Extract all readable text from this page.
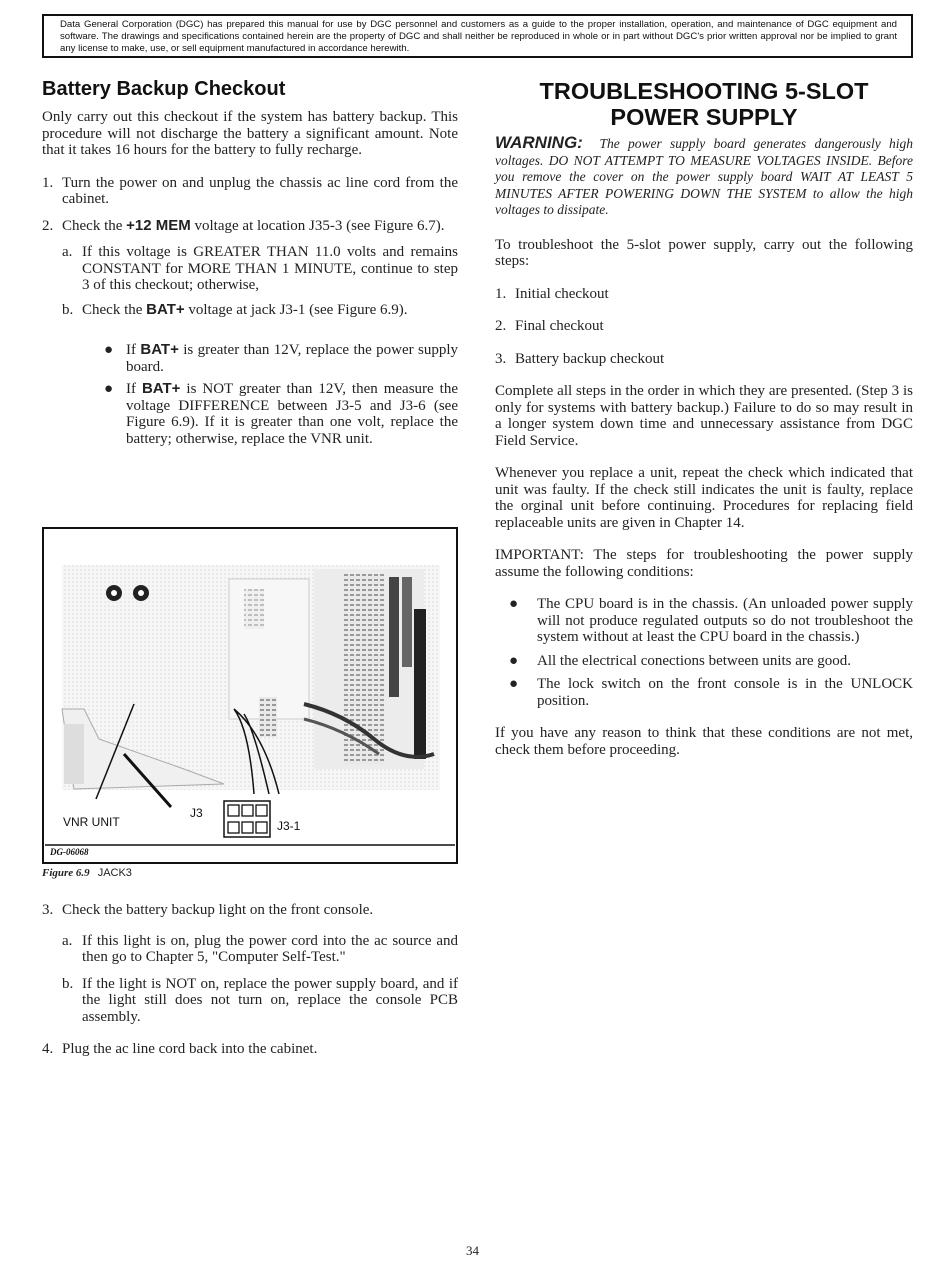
Data General Corporation (DGC) has prepared this manual for use by DGC personnel and customers as a guide to the proper installation, operation, and maintenance of DGC equipment and software. The drawings and specifications contained herein are the property of DGC and shall neither be reproduced in whole or in part without DGC's prior written approval nor be implied to grant any license to make, use, or sell equipment manufactured in accordance herewith.
Battery Backup Checkout

Only carry out this checkout if the system has battery backup. This procedure will not discharge the battery a significant amount. Note that it takes 16 hours for the battery to fully recharge.

1. Turn the power on and unplug the chassis ac line cord from the cabinet.
2. Check the +12 MEM voltage at location J35-3 (see Figure 6.7).
a. If this voltage is GREATER THAN 11.0 volts and remains CONSTANT for MORE THAN 1 MINUTE, continue to step 3 of this checkout; otherwise,
b. Check the BAT+ voltage at jack J3-1 (see Figure 6.9).
● If BAT+ is greater than 12V, replace the power supply board.
● If BAT+ is NOT greater than 12V, then measure the voltage DIFFERENCE between J3-5 and J3-6 (see Figure 6.9). If it is greater than one volt, replace the battery; otherwise, replace the VNR unit.
VNR UNIT
J3
J3-1
DG-06068
Figure 6.9 JACK3
3. Check the battery backup light on the front console.
a. If this light is on, plug the power cord into the ac source and then go to Chapter 5, "Computer Self-Test."
b. If the light is NOT on, replace the power supply board, and if the light still does not turn on, replace the console PCB assembly.
4. Plug the ac line cord back into the cabinet.
TROUBLESHOOTING 5-SLOT POWER SUPPLY

WARNING: The power supply board generates dangerously high voltages. DO NOT ATTEMPT TO MEASURE VOLTAGES INSIDE. Before you remove the cover on the power supply board WAIT AT LEAST 5 MINUTES AFTER POWERING DOWN THE SYSTEM to allow the high voltages to dissipate.

To troubleshoot the 5-slot power supply, carry out the following steps:

1. Initial checkout
2. Final checkout
3. Battery backup checkout

Complete all steps in the order in which they are presented. (Step 3 is only for systems with battery backup.) Failure to do so may result in a longer system down time and unnecessary assistance from DGC Field Service.

Whenever you replace a unit, repeat the check which indicated that unit was faulty. If the check still indicates the unit is faulty, replace the orginal unit before continuing. Procedures for replacing field replaceable units are given in Chapter 14.

IMPORTANT: The steps for troubleshooting the power supply assume the following conditions:

●	The CPU board is in the chassis. (An unloaded power supply will not produce regulated outputs so do not troubleshoot the system without at least the CPU board in the chassis.)
●	All the electrical conections between units are good.
●	The lock switch on the front console is in the UNLOCK position.

If you have any reason to think that these conditions are not met, check them before proceeding.

34
